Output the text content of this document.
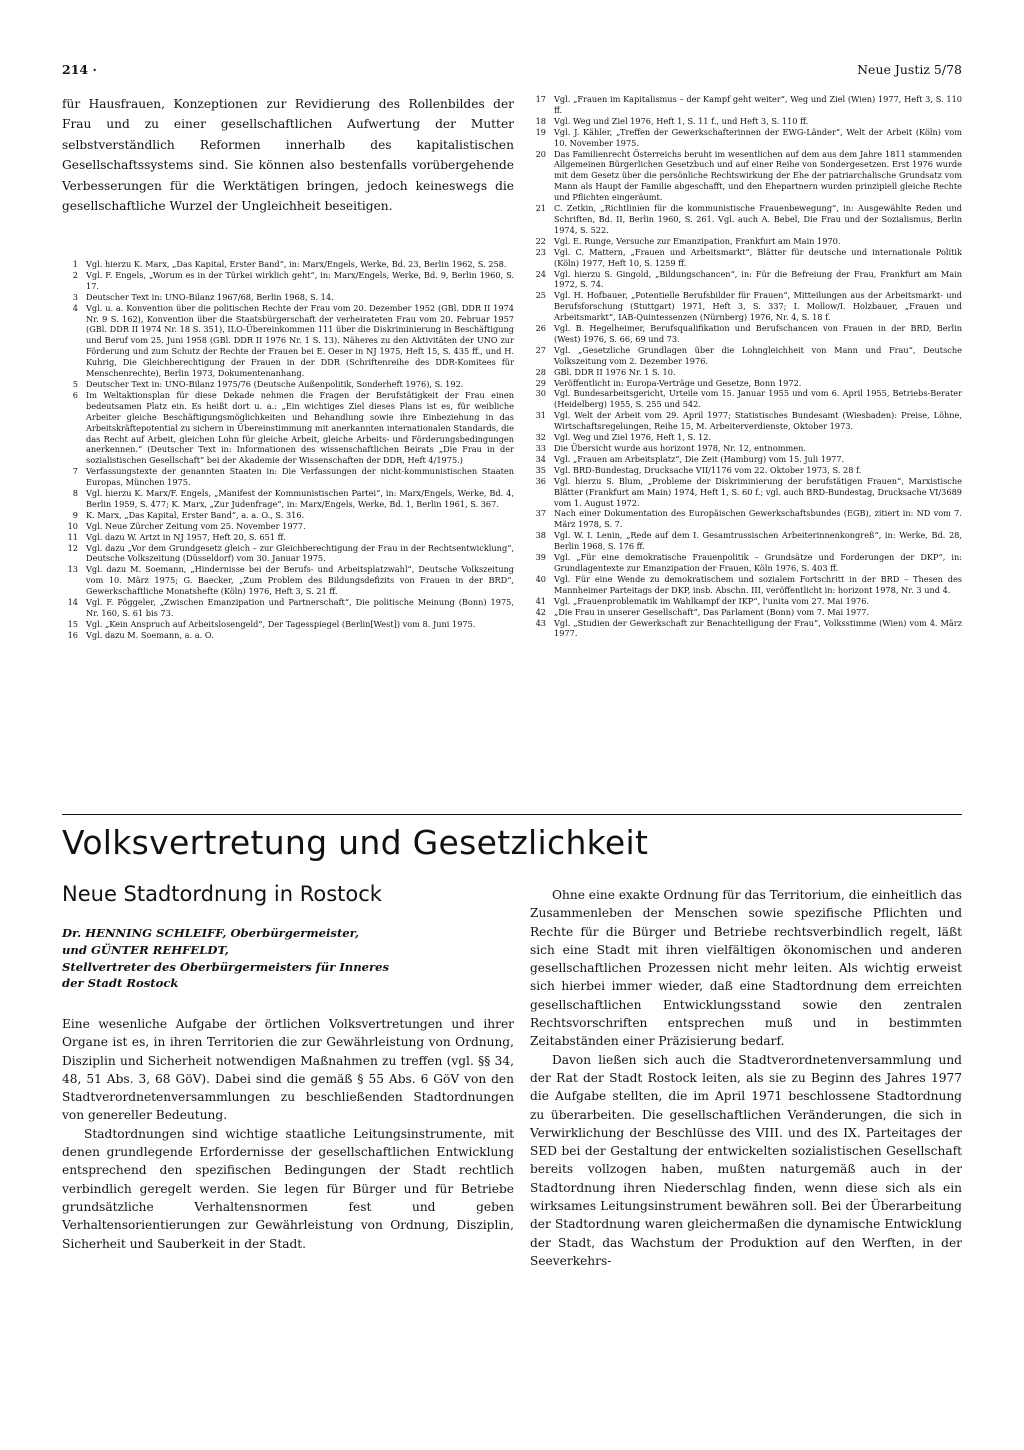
214 ·	Neue Justiz 5/78

für Hausfrauen, Konzeptionen zur Revidierung des Rollenbildes der Frau und zu einer gesellschaftlichen Aufwertung der Mutter selbstverständlich Reformen innerhalb des kapitalistischen Gesellschaftssystems sind. Sie können also bestenfalls vorübergehende Verbesserungen für die Werktätigen bringen, jedoch keineswegs die gesellschaftliche Wurzel der Ungleichheit beseitigen.

1 Vgl. hierzu K. Marx, „Das Kapital, Erster Band“, in: Marx/Engels, Werke, Bd. 23, Berlin 1962, S. 258.
2 Vgl. F. Engels, „Worum es in der Türkei wirklich geht“, in: Marx/Engels, Werke, Bd. 9, Berlin 1960, S. 17.
3 Deutscher Text in: UNO-Bilanz 1967/68, Berlin 1968, S. 14.
4 Vgl. u. a. Konvention über die politischen Rechte der Frau vom 20. Dezember 1952 (GBl. DDR II 1974 Nr. 9 S. 162), Konvention über die Staatsbürgerschaft der verheirateten Frau vom 20. Februar 1957 (GBl. DDR II 1974 Nr. 18 S. 351), ILO-Übereinkommen 111 über die Diskriminierung in Beschäftigung und Beruf vom 25. Juni 1958 (GBl. DDR II 1976 Nr. 1 S. 13). Näheres zu den Aktivitäten der UNO zur Förderung und zum Schutz der Rechte der Frauen bei E. Oeser in NJ 1975, Heft 15, S. 435 ff., und H. Kuhrig, Die Gleichberechtigung der Frauen in der DDR (Schriftenreihe des DDR-Komitees für Menschenrechte), Berlin 1973, Dokumentenanhang.
5 Deutscher Text in: UNO-Bilanz 1975/76 (Deutsche Außenpolitik, Sonderheft 1976), S. 192.
6 Im Weltaktionsplan für diese Dekade nehmen die Fragen der Berufstätigkeit der Frau einen bedeutsamen Platz ein. Es heißt dort u. a.: „Ein wichtiges Ziel dieses Plans ist es, für weibliche Arbeiter gleiche Beschäftigungsmöglichkeiten und Behandlung sowie ihre Einbeziehung in das Arbeitskräftepotential zu sichern in Übereinstimmung mit anerkannten internationalen Standards, die das Recht auf Arbeit, gleichen Lohn für gleiche Arbeit, gleiche Arbeits- und Förderungsbedingungen anerkennen.“ (Deutscher Text in: Informationen des wissenschaftlichen Beirats „Die Frau in der sozialistischen Gesellschaft“ bei der Akademie der Wissenschaften der DDR, Heft 4/1975.)
7 Verfassungstexte der genannten Staaten in: Die Verfassungen der nicht-kommunistischen Staaten Europas, München 1975.
8 Vgl. hierzu K. Marx/F. Engels, „Manifest der Kommunistischen Partei“, in: Marx/Engels, Werke, Bd. 4, Berlin 1959, S. 477; K. Marx, „Zur Judenfrage“, in: Marx/Engels, Werke, Bd. 1, Berlin 1961, S. 367.
9 K. Marx, „Das Kapital, Erster Band“, a. a. O., S. 316.
10 Vgl. Neue Zürcher Zeitung vom 25. November 1977.
11 Vgl. dazu W. Artzt in NJ 1957, Heft 20, S. 651 ff.
12 Vgl. dazu „Vor dem Grundgesetz gleich – zur Gleichberechtigung der Frau in der Rechtsentwicklung“, Deutsche Volkszeitung (Düsseldorf) vom 30. Januar 1975.
13 Vgl. dazu M. Soemann, „Hindernisse bei der Berufs- und Arbeitsplatzwahl“, Deutsche Volkszeitung vom 10. März 1975; G. Baecker, „Zum Problem des Bildungsdefizits von Frauen in der BRD“, Gewerkschaftliche Monatshefte (Köln) 1976, Heft 3, S. 21 ff.
14 Vgl. F. Pöggeler, „Zwischen Emanzipation und Partnerschaft“, Die politische Meinung (Bonn) 1975, Nr. 160, S. 61 bis 73.
15 Vgl. „Kein Anspruch auf Arbeitslosengeld“, Der Tagesspiegel (Berlin[West]) vom 8. Juni 1975.
16 Vgl. dazu M. Soemann, a. a. O.
17 Vgl. „Frauen im Kapitalismus – der Kampf geht weiter“, Weg und Ziel (Wien) 1977, Heft 3, S. 110 ff.
18 Vgl. Weg und Ziel 1976, Heft 1, S. 11 f., und Heft 3, S. 110 ff.
19 Vgl. J. Kähler, „Treffen der Gewerkschafterinnen der EWG-Länder“, Welt der Arbeit (Köln) vom 10. November 1975.
20 Das Familienrecht Österreichs beruht im wesentlichen auf dem aus dem Jahre 1811 stammenden Allgemeinen Bürgerlichen Gesetzbuch und auf einer Reihe von Sondergesetzen. Erst 1976 wurde mit dem Gesetz über die persönliche Rechtswirkung der Ehe der patriarchalische Grundsatz vom Mann als Haupt der Familie abgeschafft, und den Ehepartnern wurden prinzipiell gleiche Rechte und Pflichten eingeräumt.
21 C. Zetkin, „Richtlinien für die kommunistische Frauenbewegung“, in: Ausgewählte Reden und Schriften, Bd. II, Berlin 1960, S. 261. Vgl. auch A. Bebel, Die Frau und der Sozialismus, Berlin 1974, S. 522.
22 Vgl. E. Runge, Versuche zur Emanzipation, Frankfurt am Main 1970.
23 Vgl. C. Mattern, „Frauen und Arbeitsmarkt“, Blätter für deutsche und internationale Politik (Köln) 1977, Heft 10, S. 1259 ff.
24 Vgl. hierzu S. Gingold, „Bildungschancen“, in: Für die Befreiung der Frau, Frankfurt am Main 1972, S. 74.
25 Vgl. H. Hofbauer, „Potentielle Berufsbilder für Frauen“, Mitteilungen aus der Arbeitsmarkt- und Berufsforschung (Stuttgart) 1971, Heft 3, S. 337; I. Mollow/I. Holzbauer, „Frauen und Arbeitsmarkt“, IAB-Quintessenzen (Nürnberg) 1976, Nr. 4, S. 18 f.
26 Vgl. B. Hegelheimer, Berufsqualifikation und Berufschancen von Frauen in der BRD, Berlin (West) 1976, S. 66, 69 und 73.
27 Vgl. „Gesetzliche Grundlagen über die Lohngleichheit von Mann und Frau“, Deutsche Volkszeitung vom 2. Dezember 1976.
28 GBl. DDR II 1976 Nr. 1 S. 10.
29 Veröffentlicht in: Europa-Verträge und Gesetze, Bonn 1972.
30 Vgl. Bundesarbeitsgericht, Urteile vom 15. Januar 1955 und vom 6. April 1955, Betriebs-Berater (Heidelberg) 1955, S. 255 und 542.
31 Vgl. Welt der Arbeit vom 29. April 1977; Statistisches Bundesamt (Wiesbaden): Preise, Löhne, Wirtschaftsregelungen, Reihe 15, M. Arbeiterverdienste, Oktober 1973.
32 Vgl. Weg und Ziel 1976, Heft 1, S. 12.
33 Die Übersicht wurde aus horizont 1978, Nr. 12, entnommen.
34 Vgl. „Frauen am Arbeitsplatz“, Die Zeit (Hamburg) vom 15. Juli 1977.
35 Vgl. BRD-Bundestag, Drucksache VII/1176 vom 22. Oktober 1973, S. 28 f.
36 Vgl. hierzu S. Blum, „Probleme der Diskriminierung der berufstätigen Frauen“, Marxistische Blätter (Frankfurt am Main) 1974, Heft 1, S. 60 f.; vgl. auch BRD-Bundestag, Drucksache VI/3689 vom 1. August 1972.
37 Nach einer Dokumentation des Europäischen Gewerkschaftsbundes (EGB), zitiert in: ND vom 7. März 1978, S. 7.
38 Vgl. W. I. Lenin, „Rede auf dem I. Gesamtrussischen Arbeiterinnenkongreß“, in: Werke, Bd. 28, Berlin 1968, S. 176 ff.
39 Vgl. „Für eine demokratische Frauenpolitik – Grundsätze und Forderungen der DKP“, in: Grundlagentexte zur Emanzipation der Frauen, Köln 1976, S. 403 ff.
40 Vgl. Für eine Wende zu demokratischem und sozialem Fortschritt in der BRD – Thesen des Mannheimer Parteitags der DKP, insb. Abschn. III, veröffentlicht in: horizont 1978, Nr. 3 und 4.
41 Vgl. „Frauenproblematik im Wahlkampf der IKP“, l'unita vom 27. Mai 1976.
42 „Die Frau in unserer Gesellschaft“, Das Parlament (Bonn) vom 7. Mai 1977.
43 Vgl. „Studien der Gewerkschaft zur Benachteiligung der Frau“, Volksstimme (Wien) vom 4. März 1977.
Volksvertretung und Gesetzlichkeit
Neue Stadtordnung in Rostock
Dr. HENNING SCHLEIFF, Oberbürgermeister,
und GÜNTER REHFELDT,
Stellvertreter des Oberbürgermeisters für Inneres
der Stadt Rostock

Eine wesenliche Aufgabe der örtlichen Volksvertretungen und ihrer Organe ist es, in ihren Territorien die zur Gewährleistung von Ordnung, Disziplin und Sicherheit notwendigen Maßnahmen zu treffen (vgl. §§ 34, 48, 51 Abs. 3, 68 GöV). Dabei sind die gemäß § 55 Abs. 6 GöV von den Stadtverordnetenversammlungen zu beschließenden Stadtordnungen von genereller Bedeutung.

Stadtordnungen sind wichtige staatliche Leitungsinstrumente, mit denen grundlegende Erfordernisse der gesellschaftlichen Entwicklung entsprechend den spezifischen Bedingungen der Stadt rechtlich verbindlich geregelt werden. Sie legen für Bürger und für Betriebe grundsätzliche Verhaltensnormen fest und geben Verhaltensorientierungen zur Gewährleistung von Ordnung, Disziplin, Sicherheit und Sauberkeit in der Stadt.

Ohne eine exakte Ordnung für das Territorium, die einheitlich das Zusammenleben der Menschen sowie spezifische Pflichten und Rechte für die Bürger und Betriebe rechtsverbindlich regelt, läßt sich eine Stadt mit ihren vielfältigen ökonomischen und anderen gesellschaftlichen Prozessen nicht mehr leiten. Als wichtig erweist sich hierbei immer wieder, daß eine Stadtordnung dem erreichten gesellschaftlichen Entwicklungsstand sowie den zentralen Rechtsvorschriften entsprechen muß und in bestimmten Zeitabständen einer Präzisierung bedarf.

Davon ließen sich auch die Stadtverordnetenversammlung und der Rat der Stadt Rostock leiten, als sie zu Beginn des Jahres 1977 die Aufgabe stellten, die im April 1971 beschlossene Stadtordnung zu überarbeiten. Die gesellschaftlichen Veränderungen, die sich in Verwirklichung der Beschlüsse des VIII. und des IX. Parteitages der SED bei der Gestaltung der entwickelten sozialistischen Gesellschaft bereits vollzogen haben, mußten naturgemäß auch in der Stadtordnung ihren Niederschlag finden, wenn diese sich als ein wirksames Leitungsinstrument bewähren soll. Bei der Überarbeitung der Stadtordnung waren gleichermaßen die dynamische Entwicklung der Stadt, das Wachstum der Produktion auf den Werften, in der Seeverkehrs-
